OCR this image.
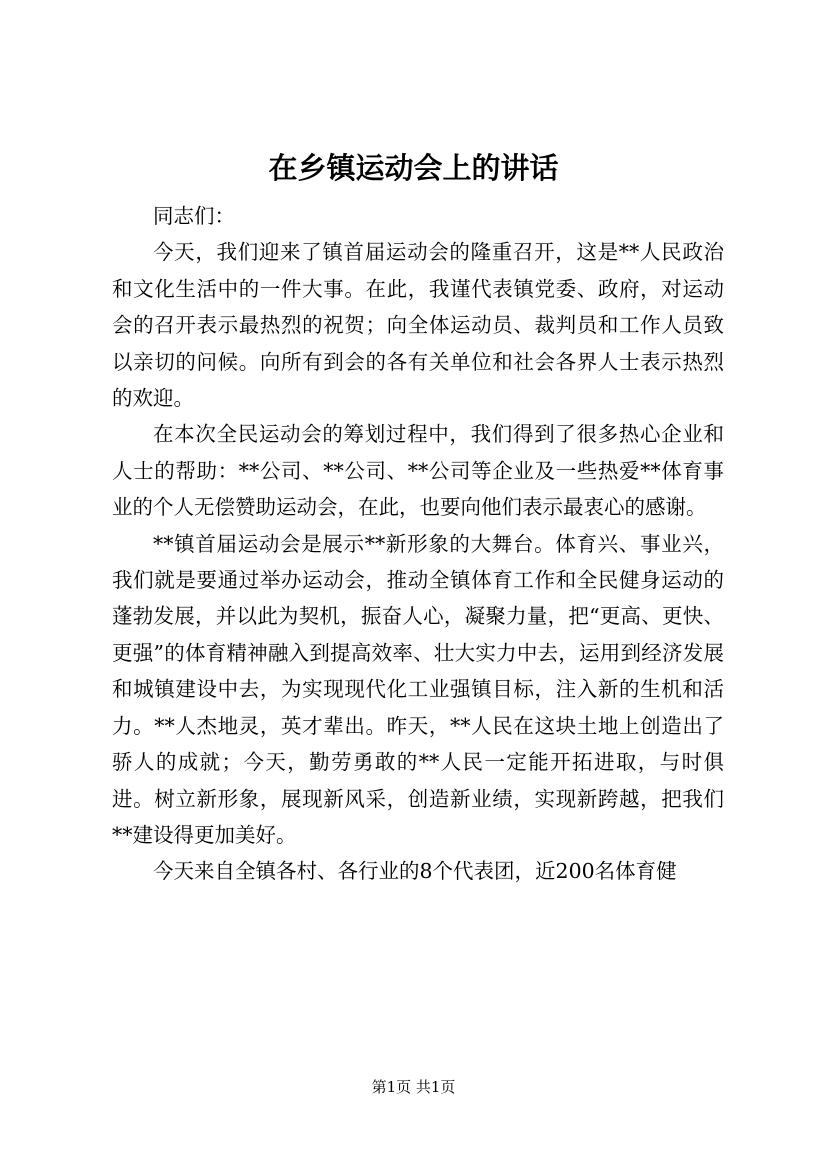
在乡镇运动会上的讲话

同志们：

今天，我们迎来了镇首届运动会的隆重召开，这是**人民政治和文化生活中的一件大事。在此，我谨代表镇党委、政府，对运动会的召开表示最热烈的祝贺；向全体运动员、裁判员和工作人员致以亲切的问候。向所有到会的各有关单位和社会各界人士表示热烈的欢迎。

在本次全民运动会的筹划过程中，我们得到了很多热心企业和人士的帮助：**公司、**公司、**公司等企业及一些热爱**体育事业的个人无偿赞助运动会，在此，也要向他们表示最衷心的感谢。

**镇首届运动会是展示**新形象的大舞台。体育兴、事业兴，我们就是要通过举办运动会，推动全镇体育工作和全民健身运动的蓬勃发展，并以此为契机，振奋人心，凝聚力量，把“更高、更快、更强”的体育精神融入到提高效率、壮大实力中去，运用到经济发展和城镇建设中去，为实现现代化工业强镇目标，注入新的生机和活力。**人杰地灵，英才辈出。昨天，**人民在这块土地上创造出了骄人的成就；今天，勤劳勇敢的**人民一定能开拓进取，与时俱进。树立新形象，展现新风采，创造新业绩，实现新跨越，把我们**建设得更加美好。

今天来自全镇各村、各行业的8个代表团，近200名体育健

第1页 共1页
